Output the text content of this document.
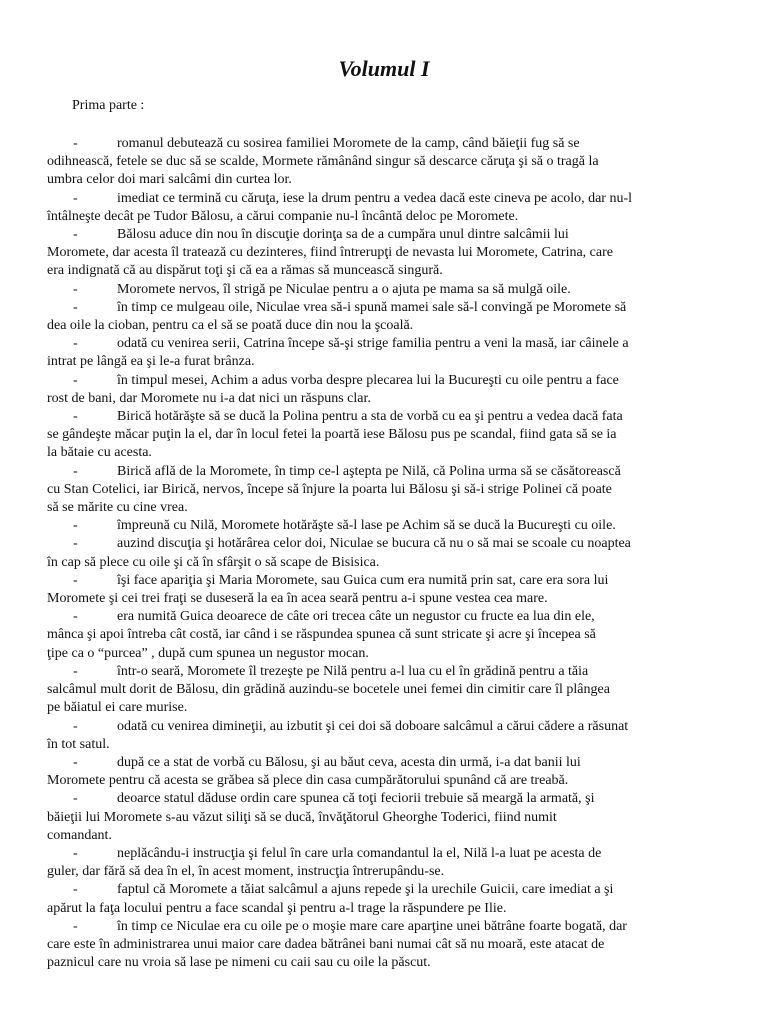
Volumul I

Prima parte :

-	romanul debutează cu sosirea familiei Moromete de la camp, când băieţii fug să se
odihnească, fetele se duc să se scalde, Mormete rămânând singur să descarce căruţa şi să o tragă la
umbra celor doi mari salcâmi din curtea lor.

-	imediat ce termină cu căruţa, iese la drum pentru a vedea dacă este cineva pe acolo, dar nu-l
întâlneşte decât pe Tudor Bălosu, a cărui companie nu-l încântă deloc pe Moromete.

-	Bălosu aduce din nou în discuţie dorinţa sa de a cumpăra unul dintre salcâmii lui
Moromete, dar acesta îl tratează cu dezinteres, fiind întrerupţi de nevasta lui Moromete, Catrina, care
era indignată că au dispărut toţi şi că ea a rămas să muncească singură.

-	Moromete nervos, îl strigă pe Niculae pentru a o ajuta pe mama sa să mulgă oile.

-	în timp ce mulgeau oile, Niculae vrea să-i spună mamei sale să-l convingă pe Moromete să
dea oile la cioban, pentru ca el să se poată duce din nou la şcoală.

-	odată cu venirea serii, Catrina începe să-şi strige familia pentru a veni la masă, iar câinele a
intrat pe lângă ea şi le-a furat brânza.

-	în timpul mesei, Achim a adus vorba despre plecarea lui la Bucureşti cu oile pentru a face
rost de bani, dar Moromete nu i-a dat nici un răspuns clar.

-	Birică hotărăşte să se ducă la Polina pentru a sta de vorbă cu ea şi pentru a vedea dacă fata
se gândeşte măcar puţin la el, dar în locul fetei la poartă iese Bălosu pus pe scandal, fiind gata să se ia
la bătaie cu acesta.

-	Birică află de la Moromete, în timp ce-l aştepta pe Nilă, că Polina urma să se căsătorească
cu Stan Cotelici, iar Birică, nervos, începe să înjure la poarta lui Bălosu şi să-i strige Polinei că poate
să se mărite cu cine vrea.

-	împreună cu Nilă, Moromete hotărăşte să-l lase pe Achim să se ducă la Bucureşti cu oile.

-	auzind discuţia şi hotărârea celor doi, Niculae se bucura că nu o să mai se scoale cu noaptea
în cap să plece cu oile şi că în sfârşit o să scape de Bisisica.

-	îşi face apariţia şi Maria Moromete, sau Guica cum era numită prin sat, care era sora lui
Moromete şi cei trei fraţi se duseseră la ea în acea seară pentru a-i spune vestea cea mare.

-	era numită Guica deoarece de câte ori trecea câte un negustor cu fructe ea lua din ele,
mânca şi apoi întreba cât costă, iar când i se răspundea spunea că sunt stricate şi acre şi începea să
ţipe ca o “purcea” , după cum spunea un negustor mocan.

-	într-o seară, Moromete îl trezeşte pe Nilă pentru a-l lua cu el în grădină pentru a tăia
salcâmul mult dorit de Bălosu, din grădină auzindu-se bocetele unei femei din cimitir care îl plângea
pe băiatul ei care murise.

-	odată cu venirea dimineţii, au izbutit şi cei doi să doboare salcâmul a cărui cădere a răsunat
în tot satul.

-	după ce a stat de vorbă cu Bălosu, şi au băut ceva, acesta din urmă, i-a dat banii lui
Moromete pentru că acesta se grăbea să plece din casa cumpărătorului spunând că are treabă.

-	deoarce statul dăduse ordin care spunea că toţi feciorii trebuie să meargă la armată, şi
băieţii lui Moromete s-au văzut siliţi să se ducă, învăţătorul Gheorghe Toderici, fiind numit
comandant.

-	neplăcându-i instrucţia şi felul în care urla comandantul la el, Nilă l-a luat pe acesta de
guler, dar fără să dea în el, în acest moment, instrucţia întrerupându-se.

-	faptul că Moromete a tăiat salcâmul a ajuns repede şi la urechile Guicii, care imediat a şi
apărut la faţa locului pentru a face scandal şi pentru a-l trage la răspundere pe Ilie.

-	în timp ce Niculae era cu oile pe o moşie mare care aparţine unei bătrâne foarte bogată, dar
care este în administrarea unui maior care dadea bătrânei bani numai cât să nu moară, este atacat de
paznicul care nu vroia să lase pe nimeni cu caii sau cu oile la păscut.
